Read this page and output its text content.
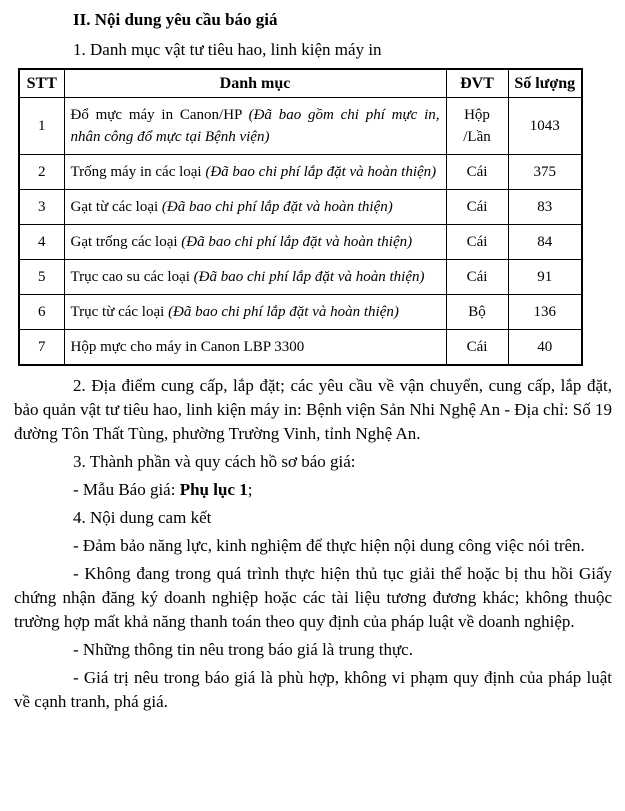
II. Nội dung yêu cầu báo giá

1. Danh mục vật tư tiêu hao, linh kiện máy in

STT	Danh mục	ĐVT	Số lượng
1	Đổ mực máy in Canon/HP (Đã bao gồm chi phí mực in, nhân công đổ mực tại Bệnh viện)	Hộp /Lần	1043
2	Trống máy in các loại (Đã bao chi phí lắp đặt và hoàn thiện)	Cái	375
3	Gạt từ các loại (Đã bao chi phí lắp đặt và hoàn thiện)	Cái	83
4	Gạt trống các loại (Đã bao chi phí lắp đặt và hoàn thiện)	Cái	84
5	Trục cao su các loại (Đã bao chi phí lắp đặt và hoàn thiện)	Cái	91
6	Trục từ các loại (Đã bao chi phí lắp đặt và hoàn thiện)	Bộ	136
7	Hộp mực cho máy in Canon LBP 3300	Cái	40

2. Địa điểm cung cấp, lắp đặt; các yêu cầu về vận chuyển, cung cấp, lắp đặt, bảo quản vật tư tiêu hao, linh kiện máy in: Bệnh viện Sản Nhi Nghệ An - Địa chỉ: Số 19 đường Tôn Thất Tùng, phường Trường Vinh, tỉnh Nghệ An.

3. Thành phần và quy cách hồ sơ báo giá:

- Mẫu Báo giá: Phụ lục 1;

4. Nội dung cam kết

- Đảm bảo năng lực, kinh nghiệm để thực hiện nội dung công việc nói trên.

- Không đang trong quá trình thực hiện thủ tục giải thể hoặc bị thu hồi Giấy chứng nhận đăng ký doanh nghiệp hoặc các tài liệu tương đương khác; không thuộc trường hợp mất khả năng thanh toán theo quy định của pháp luật về doanh nghiệp.

- Những thông tin nêu trong báo giá là trung thực.

- Giá trị nêu trong báo giá là phù hợp, không vi phạm quy định của pháp luật về cạnh tranh, phá giá.
